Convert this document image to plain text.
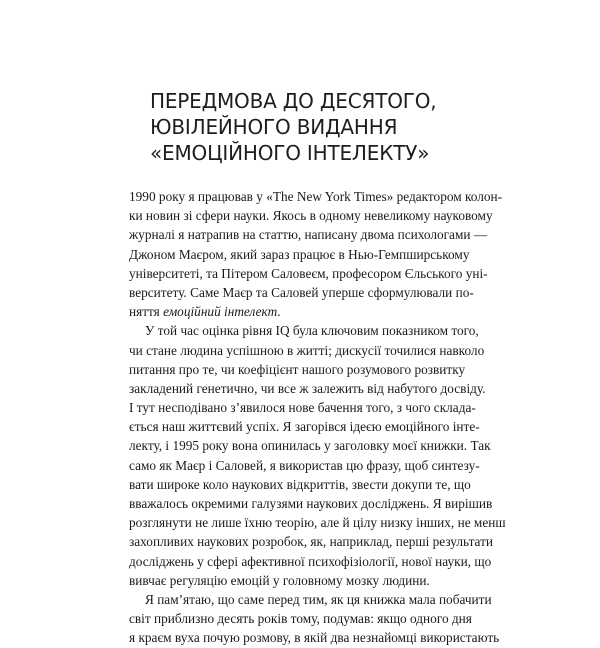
ПЕРЕДМОВА ДО ДЕСЯТОГО,
ЮВІЛЕЙНОГО ВИДАННЯ
«ЕМОЦІЙНОГО ІНТЕЛЕКТУ»
1990 року я працював у «The New York Times» редактором колон-
ки новин зі сфери науки. Якось в одному невеликому науковому
журналі я натрапив на статтю, написану двома психологами —
Джоном Маєром, який зараз працює в Нью-Гемпширському
університеті, та Пітером Саловеєм, професором Єльського уні-
верситету. Саме Маєр та Саловей уперше сформулювали по-
няття емоційний інтелект.
У той час оцінка рівня IQ була ключовим показником того,
чи стане людина успішною в житті; дискусії точилися навколо
питання про те, чи коефіцієнт нашого розумового розвитку
закладений генетично, чи все ж залежить від набутого досвіду.
І тут несподівано з’явилося нове бачення того, з чого склада-
ється наш життєвий успіх. Я загорівся ідеєю емоційного інте-
лекту, і 1995 року вона опинилась у заголовку моєї книжки. Так
само як Маєр і Саловей, я використав цю фразу, щоб синтезу-
вати широке коло наукових відкриттів, звести докупи те, що
вважалось окремими галузями наукових досліджень. Я вирішив
розглянути не лише їхню теорію, але й цілу низку інших, не менш
захопливих наукових розробок, як, наприклад, перші результати
досліджень у сфері афективної психофізіології, нової науки, що
вивчає регуляцію емоцій у головному мозку людини.
Я пам’ятаю, що саме перед тим, як ця книжка мала побачити
світ приблизно десять років тому, подумав: якщо одного дня
я краєм вуха почую розмову, в якій два незнайомці використають
